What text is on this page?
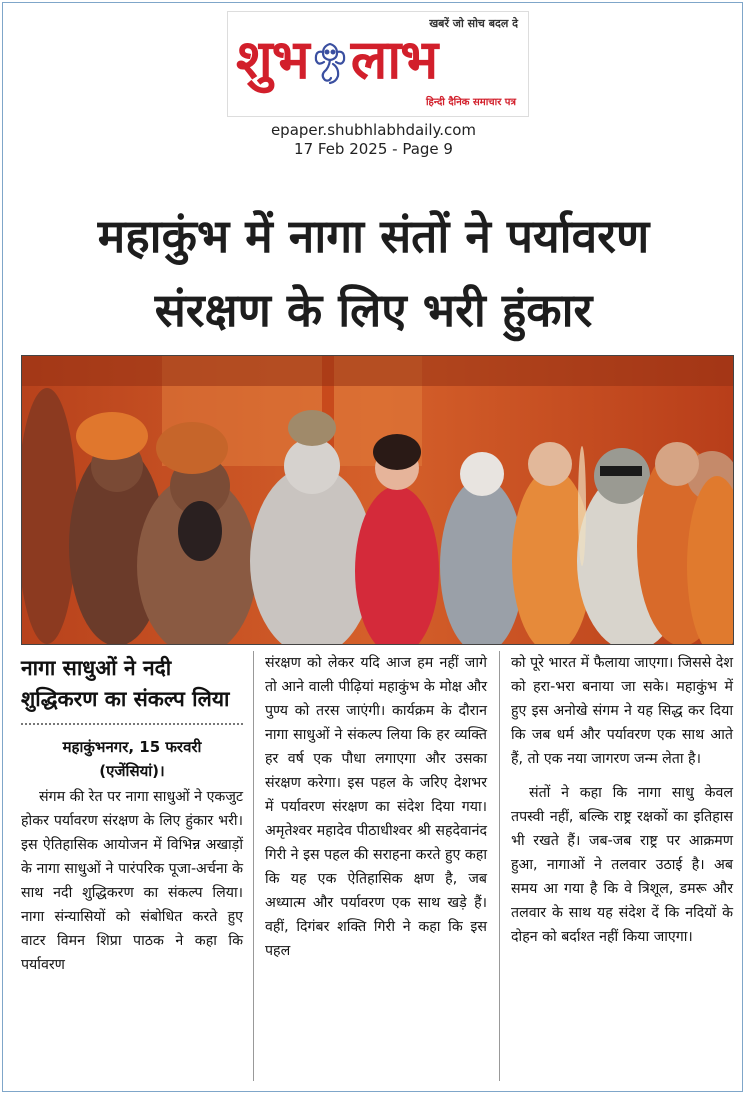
खबरें जो सोच बदल दे
शुभ लाभ
हिन्दी दैनिक समाचार पत्र
epaper.shubhlabhdaily.com
17 Feb 2025 - Page 9
महाकुंभ में नागा संतों ने पर्यावरण
संरक्षण के लिए भरी हुंकार
नागा साधुओं ने नदी शुद्धिकरण का संकल्प लिया
महाकुंभनगर, 15 फरवरी
(एजेंसियां)।

संगम की रेत पर नागा साधुओं ने एकजुट होकर पर्यावरण संरक्षण के लिए हुंकार भरी। इस ऐतिहासिक आयोजन में विभिन्न अखाड़ों के नागा साधुओं ने पारंपरिक पूजा-अर्चना के साथ नदी शुद्धिकरण का संकल्प लिया। नागा संन्यासियों को संबोधित करते हुए वाटर विमन शिप्रा पाठक ने कहा कि पर्यावरण

संरक्षण को लेकर यदि आज हम नहीं जागे तो आने वाली पीढ़ियां महाकुंभ के मोक्ष और पुण्य को तरस जाएंगी। कार्यक्रम के दौरान नागा साधुओं ने संकल्प लिया कि हर व्यक्ति हर वर्ष एक पौधा लगाएगा और उसका संरक्षण करेगा। इस पहल के जरिए देशभर में पर्यावरण संरक्षण का संदेश दिया गया।अमृतेश्वर महादेव पीठाधीश्वर श्री सहदेवानंद गिरी ने इस पहल की सराहना करते हुए कहा कि यह एक ऐतिहासिक क्षण है, जब अध्यात्म और पर्यावरण एक साथ खड़े हैं। वहीं, दिगंबर शक्ति गिरी ने कहा कि इस पहल

को पूरे भारत में फैलाया जाएगा। जिससे देश को हरा-भरा बनाया जा सके। महाकुंभ में हुए इस अनोखे संगम ने यह सिद्ध कर दिया कि जब धर्म और पर्यावरण एक साथ आते हैं, तो एक नया जागरण जन्म लेता है।

संतों ने कहा कि नागा साधु केवल तपस्वी नहीं, बल्कि राष्ट्र रक्षकों का इतिहास भी रखते हैं। जब-जब राष्ट्र पर आक्रमण हुआ, नागाओं ने तलवार उठाई है। अब समय आ गया है कि वे त्रिशूल, डमरू और तलवार के साथ यह संदेश दें कि नदियों के दोहन को बर्दाश्त नहीं किया जाएगा।
